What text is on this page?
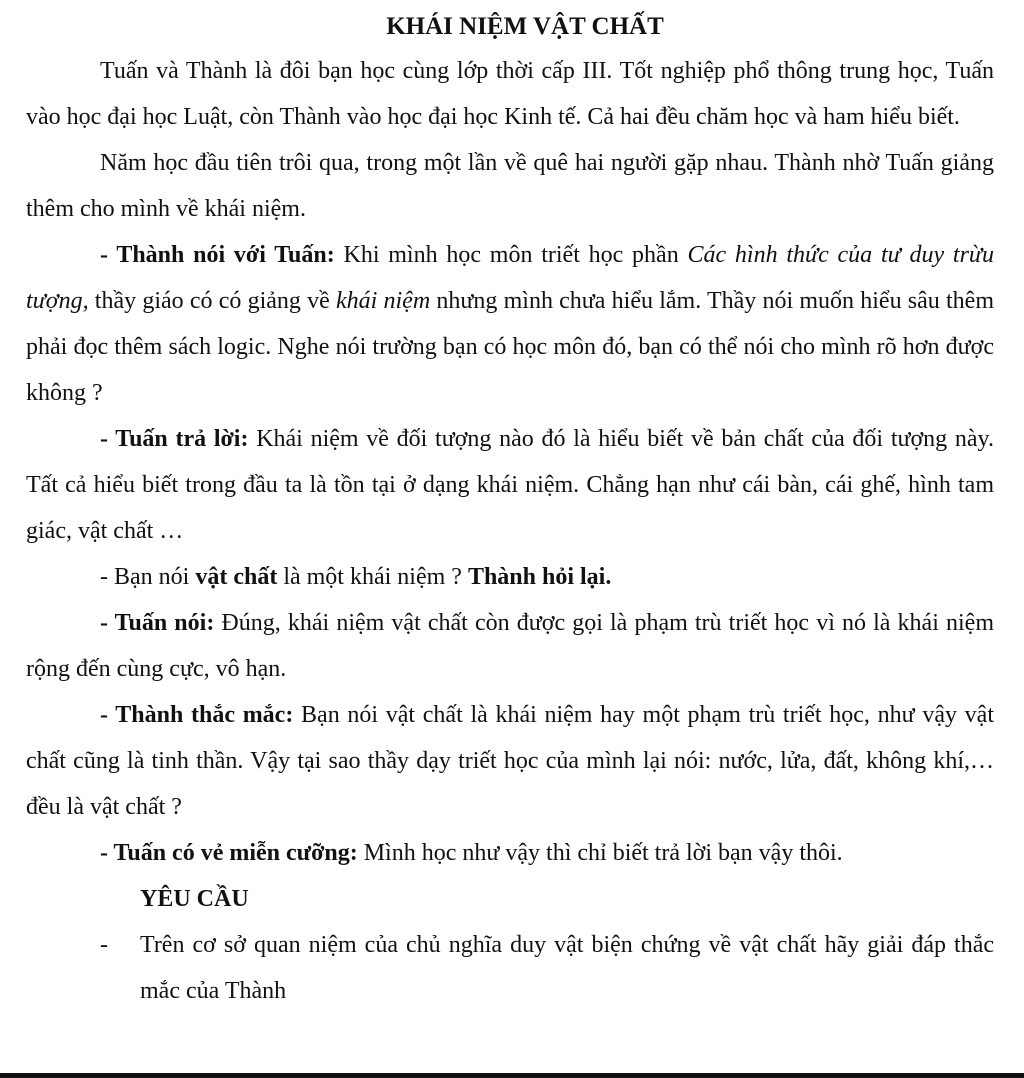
KHÁI NIỆM VẬT CHẤT

Tuấn và Thành là đôi bạn học cùng lớp thời cấp III. Tốt nghiệp phổ thông trung học, Tuấn vào học đại học Luật, còn Thành vào học đại học Kinh tế. Cả hai đều chăm học và ham hiểu biết.

Năm học đầu tiên trôi qua, trong một lần về quê hai người gặp nhau. Thành nhờ Tuấn giảng thêm cho mình về khái niệm.

- Thành nói với Tuấn: Khi mình học môn triết học phần Các hình thức của tư duy trừu tượng, thầy giáo có có giảng về khái niệm nhưng mình chưa hiểu lắm. Thầy nói muốn hiểu sâu thêm phải đọc thêm sách logic. Nghe nói trường bạn có học môn đó, bạn có thể nói cho mình rõ hơn được không ?

- Tuấn trả lời: Khái niệm về đối tượng nào đó là hiểu biết về bản chất của đối tượng này. Tất cả hiểu biết trong đầu ta là tồn tại ở dạng khái niệm. Chẳng hạn như cái bàn, cái ghế, hình tam giác, vật chất …

- Bạn nói vật chất là một khái niệm ? Thành hỏi lại.

- Tuấn nói: Đúng, khái niệm vật chất còn được gọi là phạm trù triết học vì nó là khái niệm rộng đến cùng cực, vô hạn.

- Thành thắc mắc: Bạn nói vật chất là khái niệm hay một phạm trù triết học, như vậy vật chất cũng là tinh thần. Vậy tại sao thầy dạy triết học của mình lại nói: nước, lửa, đất, không khí,… đều là vật chất ?

- Tuấn có vẻ miễn cưỡng: Mình học như vậy thì chỉ biết trả lời bạn vậy thôi.

YÊU CẦU
-	Trên cơ sở quan niệm của chủ nghĩa duy vật biện chứng về vật chất hãy giải đáp thắc mắc của Thành
